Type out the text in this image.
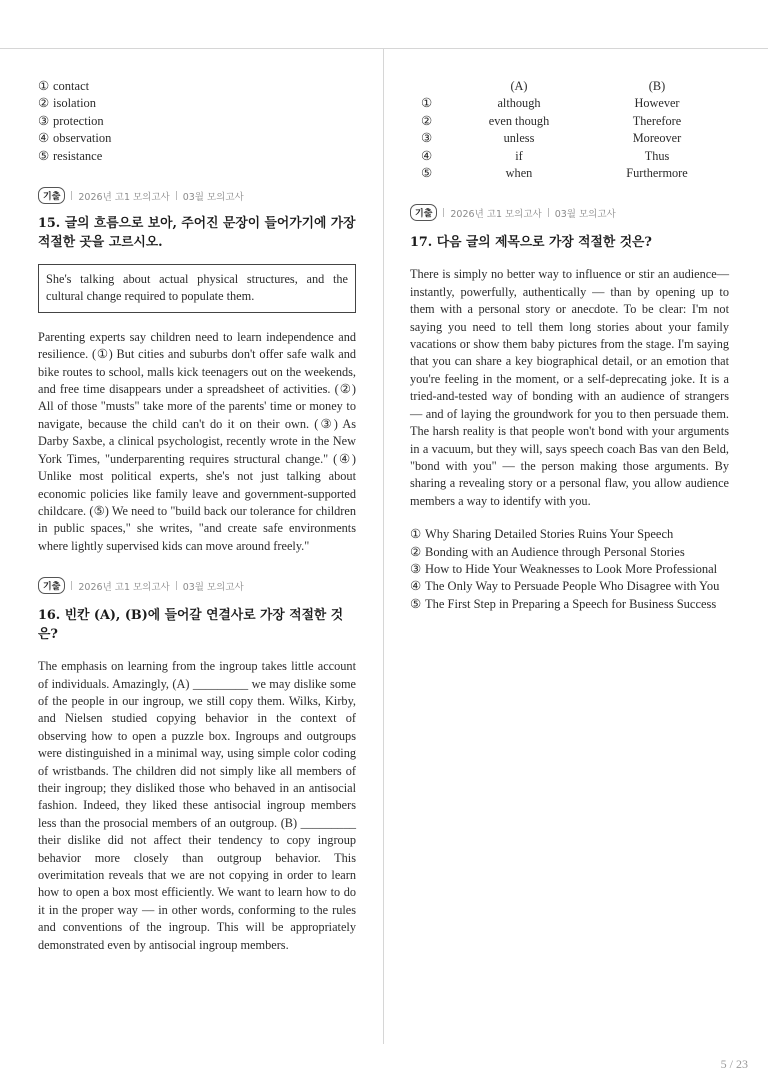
① contact
② isolation
③ protection
④ observation
⑤ resistance
기출	2026년 고1 모의고사 03월 모의고사
15. 글의 흐름으로 보아, 주어진 문장이 들어가기에 가장 적절한 곳을 고르시오.
She's talking about actual physical structures, and the cultural change required to populate them.

Parenting experts say children need to learn independence and resilience. (①) But cities and suburbs don't offer safe walk and bike routes to school, malls kick teenagers out on the weekends, and free time disappears under a spreadsheet of activities. (②) All of those "musts" take more of the parents' time or money to navigate, because the child can't do it on their own. (③) As Darby Saxbe, a clinical psychologist, recently wrote in the New York Times, "underparenting requires structural change." (④) Unlike most political experts, she's not just talking about economic policies like family leave and government-supported childcare. (⑤) We need to "build back our tolerance for children in public spaces," she writes, "and create safe environments where lightly supervised kids can move around freely."

기출	2026년 고1 모의고사 03월 모의고사
16. 빈칸 (A), (B)에 들어갈 연결사로 가장 적절한 것은?

The emphasis on learning from the ingroup takes little account of individuals. Amazingly, (A) _________ we may dislike some of the people in our ingroup, we still copy them. Wilks, Kirby, and Nielsen studied copying behavior in the context of observing how to open a puzzle box. Ingroups and outgroups were distinguished in a minimal way, using simple color coding of wristbands. The children did not simply like all members of their ingroup; they disliked those who behaved in an antisocial fashion. Indeed, they liked these antisocial ingroup members less than the prosocial members of an outgroup. (B) _________ their dislike did not affect their tendency to copy ingroup behavior more closely than outgroup behavior. This overimitation reveals that we are not copying in order to learn how to open a box most efficiently. We want to learn how to do it in the proper way — in other words, conforming to the rules and conventions of the ingroup. This will be appropriately demonstrated even by antisocial ingroup members.

	(A)	(B)
①	although	However
②	even though	Therefore
③	unless	Moreover
④	if	Thus
⑤	when	Furthermore
기출	2026년 고1 모의고사 03월 모의고사
17. 다음 글의 제목으로 가장 적절한 것은?

There is simply no better way to influence or stir an audience— instantly, powerfully, authentically — than by opening up to them with a personal story or anecdote. To be clear: I'm not saying you need to tell them long stories about your family vacations or show them baby pictures from the stage. I'm saying that you can share a key biographical detail, or an emotion that you're feeling in the moment, or a self-deprecating joke. It is a tried-and-tested way of bonding with an audience of strangers — and of laying the groundwork for you to then persuade them. The harsh reality is that people won't bond with your arguments in a vacuum, but they will, says speech coach Bas van den Beld, "bond with you" — the person making those arguments. By sharing a revealing story or a personal flaw, you allow audience members a way to identify with you.

① Why Sharing Detailed Stories Ruins Your Speech
② Bonding with an Audience through Personal Stories
③ How to Hide Your Weaknesses to Look More Professional
④ The Only Way to Persuade People Who Disagree with You
⑤ The First Step in Preparing a Speech for Business Success
5 / 23
